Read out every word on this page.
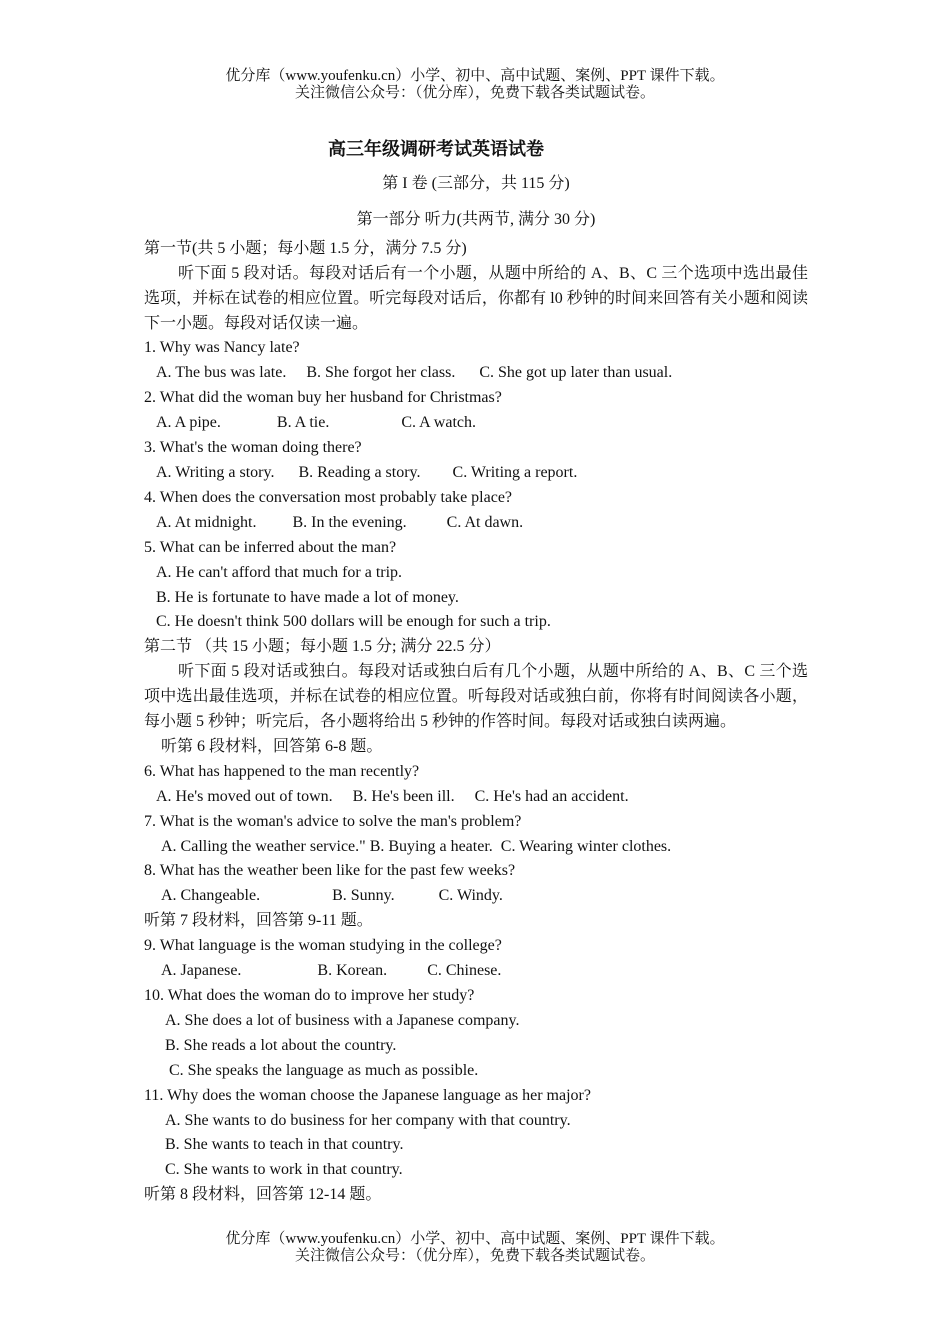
优分库（www.youfenku.cn）小学、初中、高中试题、案例、PPT 课件下载。
关注微信公众号：（优分库），免费下载各类试题试卷。
高三年级调研考试英语试卷
第 I 卷 (三部分，共 115 分)
第一部分 听力(共两节, 满分 30 分)

第一节(共 5 小题；每小题 1.5 分，满分 7.5 分)

听下面 5 段对话。每段对话后有一个小题，从题中所给的 A、B、C 三个选项中选出最佳选项，并标在试卷的相应位置。听完每段对话后，你都有 l0 秒钟的时间来回答有关小题和阅读下一小题。每段对话仅读一遍。

1. Why was Nancy late?

A. The bus was late. B. She forgot her class. C. She got up later than usual.

2. What did the woman buy her husband for Christmas?

A. A pipe.	B. A tie.	C. A watch.

3. What's the woman doing there?

A. Writing a story. B. Reading a story. C. Writing a report.

4. When does the conversation most probably take place?

A. At midnight. B. In the evening.	C. At dawn.

5. What can be inferred about the man?

A. He can't afford that much for a trip.

B. He is fortunate to have made a lot of money.

C. He doesn't think 500 dollars will be enough for such a trip.

第二节 （共 15 小题；每小题 1.5 分; 满分 22.5 分）

听下面 5 段对话或独白。每段对话或独白后有几个小题，从题中所给的 A、B、C 三个选项中选出最佳选项，并标在试卷的相应位置。听每段对话或独白前，你将有时间阅读各小题，每小题 5 秒钟；听完后，各小题将给出 5 秒钟的作答时间。每段对话或独白读两遍。

听第 6 段材料，回答第 6-8 题。

6. What has happened to the man recently?

A. He's moved out of town. B. He's been ill. C. He's had an accident.

7. What is the woman's advice to solve the man's problem?

A. Calling the weather service." B. Buying a heater. C. Wearing winter clothes.

8. What has the weather been like for the past few weeks?

A. Changeable.	B. Sunny.	C. Windy.

听第 7 段材料，回答第 9-11 题。

9. What language is the woman studying in the college?

A. Japanese.	B. Korean.	C. Chinese.

10. What does the woman do to improve her study?

A. She does a lot of business with a Japanese company.

B. She reads a lot about the country.

C. She speaks the language as much as possible.

11. Why does the woman choose the Japanese language as her major?

A. She wants to do business for her company with that country.

B. She wants to teach in that country.

C. She wants to work in that country.

听第 8 段材料，回答第 12-14 题。

优分库（www.youfenku.cn）小学、初中、高中试题、案例、PPT 课件下载。
关注微信公众号：（优分库），免费下载各类试题试卷。
